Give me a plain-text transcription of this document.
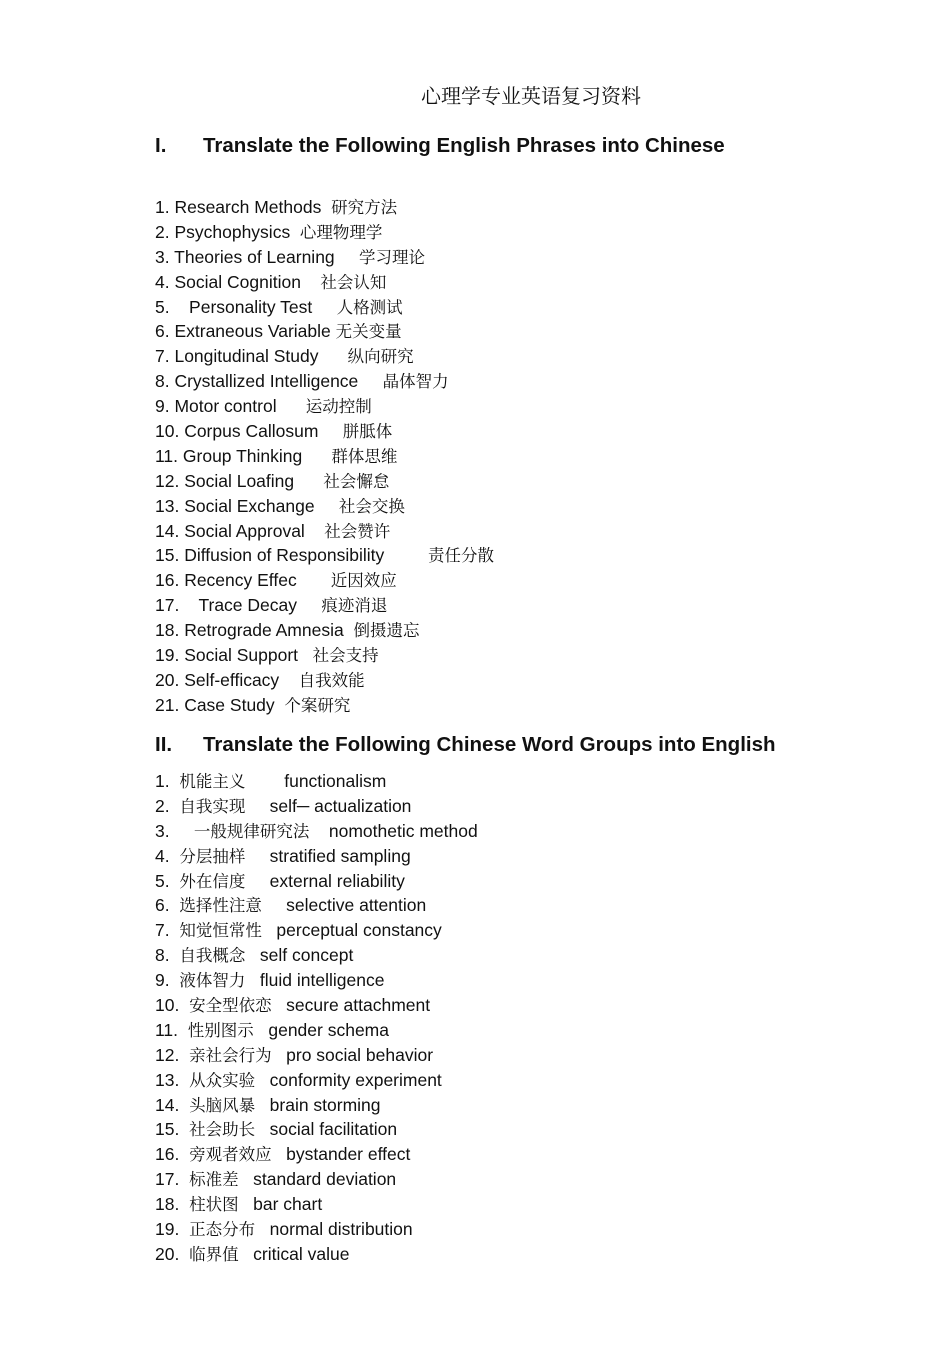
心理学专业英语复习资料
I. Translate the Following English Phrases into Chinese
1. Research Methods  研究方法
2. Psychophysics  心理物理学
3. Theories of Learning     学习理论
4. Social Cognition    社会认知
5.    Personality Test     人格测试
6. Extraneous Variable 无关变量
7. Longitudinal Study      纵向研究
8. Crystallized Intelligence     晶体智力
9. Motor control      运动控制
10. Corpus Callosum     胼胝体
11. Group Thinking      群体思维
12. Social Loafing      社会懈怠
13. Social Exchange     社会交换
14. Social Approval    社会赞许
15. Diffusion of Responsibility         责任分散
16. Recency Effec       近因效应
17.    Trace Decay     痕迹消退
18. Retrograde Amnesia  倒摄遗忘
19. Social Support   社会支持
20. Self-efficacy    自我效能
21. Case Study  个案研究
II. Translate the Following Chinese Word Groups into English
1.  机能主义        functionalism
2.  自我实现     self─ actualization
3.     一般规律研究法    nomothetic method
4.  分层抽样     stratified sampling
5.  外在信度     external reliability
6.  选择性注意     selective attention
7.  知觉恒常性   perceptual constancy
8.  自我概念   self concept
9.  液体智力   fluid intelligence
10.  安全型依恋   secure attachment
11.  性别图示   gender schema
12.  亲社会行为   pro social behavior
13.  从众实验   conformity experiment
14.  头脑风暴   brain storming
15.  社会助长   social facilitation
16.  旁观者效应   bystander effect
17.  标准差   standard deviation
18.  柱状图   bar chart
19.  正态分布   normal distribution
20.  临界值   critical value
